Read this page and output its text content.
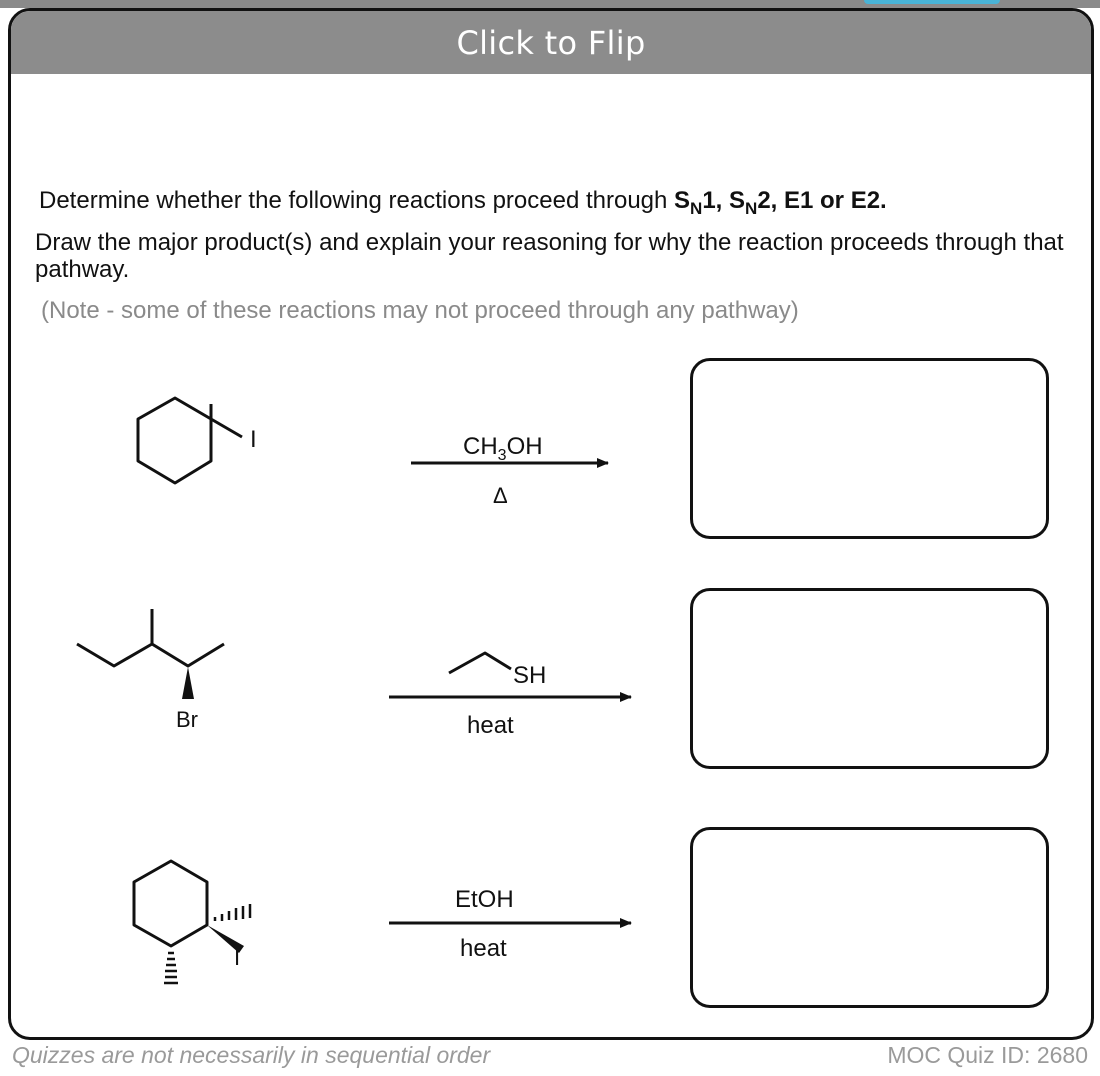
Click to Flip
Determine whether the following reactions proceed through $S_N1$, $S_N2$, E1 or E2.
Draw the major product(s) and explain your reasoning for why the reaction proceeds through that pathway.
(Note - some of these reactions may not proceed through any pathway)
I	$CH_3OH$
Δ
Br
SH
heat
I
EtOH
heat
Quizzes are not necessarily in sequential order	MOC Quiz ID: 2680
